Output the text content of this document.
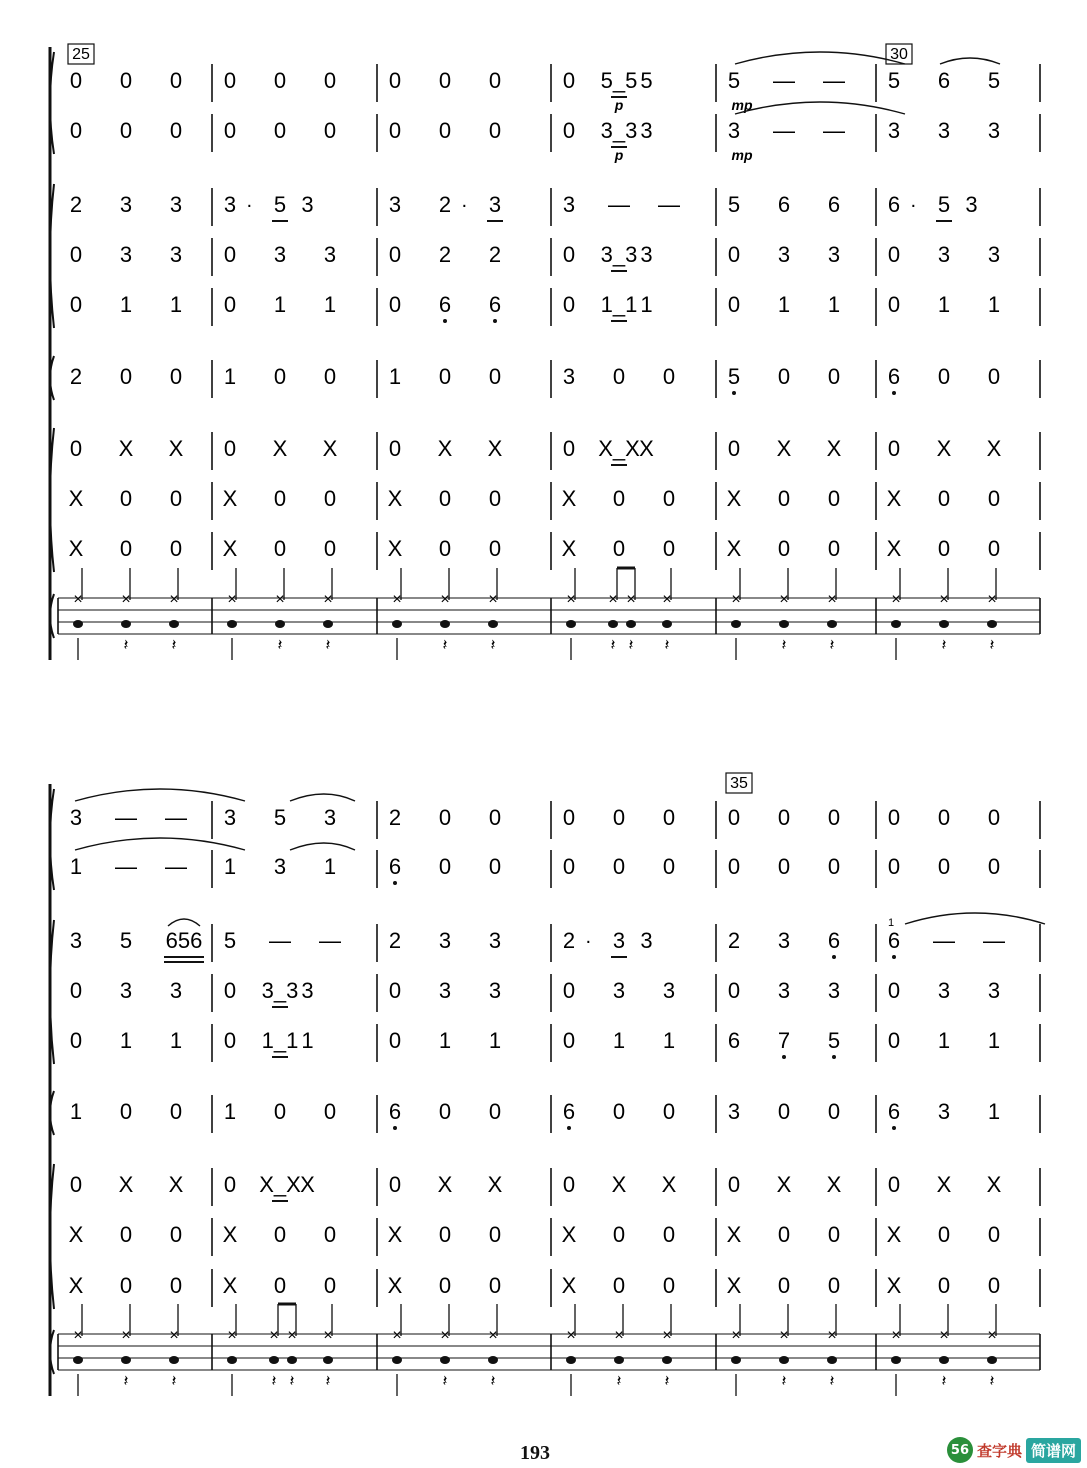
25	30
0 0 0 0 0 0 0 0 0	0 5_5 5	5 — — 5 6 5
0 0 0 0 0 0 0 0 0	0 3_3 3	3 — — 3 3 3
2 3 3 3 · 5 3	3 2 · 3	3 — — 5 6 6 6 · 5 3
0 3 3 0 3 3 0 2 2	0 3_3 3	0 3 3 0 3 3
0 1 1 0 1 1 0 6 6	0 1_1 1	0 1 1 0 1 1
2 0 0 1 0 0 1 0 0	3 0 0 5 0 0 6 0 0
0 X X 0 X X 0 X X	0 X_X X	0 X X 0 X X
X 0 0 X 0 0 X 0 0	X 0 0 X 0 0 X 0 0
X 0 0 X 0 0 X 0 0	X 0 0 X 0 0 X 0 0
p
p
mp
mp
× ×
𝄽
×
𝄽
× ×
𝄽
×
𝄽
× ×
𝄽
×
𝄽
× ×
𝄽
×
𝄽
×
𝄽
× ×
𝄽
×
𝄽
× ×
𝄽
×
𝄽
35
3 — — 3 5 3 2 0 0	0 0 0 0 0 0 0 0 0
1 — — 1 3 1 6 0 0	0 0 0 0 0 0 0 0 0
3 5 656 5 — — 2 3 3	2 · 3 3	2 3 6 6 — —
0 3 3 0 3_3 3	0 3 3	0 3 3 0 3 3 0 3 3
0 1 1 0 1_1 1	0 1 1	0 1 1 6 7 5 0 1 1
1 0 0 1 0 0 6 0 0	6 0 0 3 0 0 6 3 1
0 X X 0 X_X X	0 X X	0 X X 0 X X 0 X X
X 0 0 X 0 0 X 0 0	X 0 0 X 0 0 X 0 0
X 0 0 X 0 0 X 0 0	X 0 0 X 0 0 X 0 0
1
× ×
𝄽
×
𝄽
× ×
𝄽
×
𝄽
×
𝄽
× ×
𝄽
×
𝄽
× ×
𝄽
×
𝄽
× ×
𝄽
×
𝄽
× ×
𝄽
×
𝄽
193	56 查字典 简谱网
